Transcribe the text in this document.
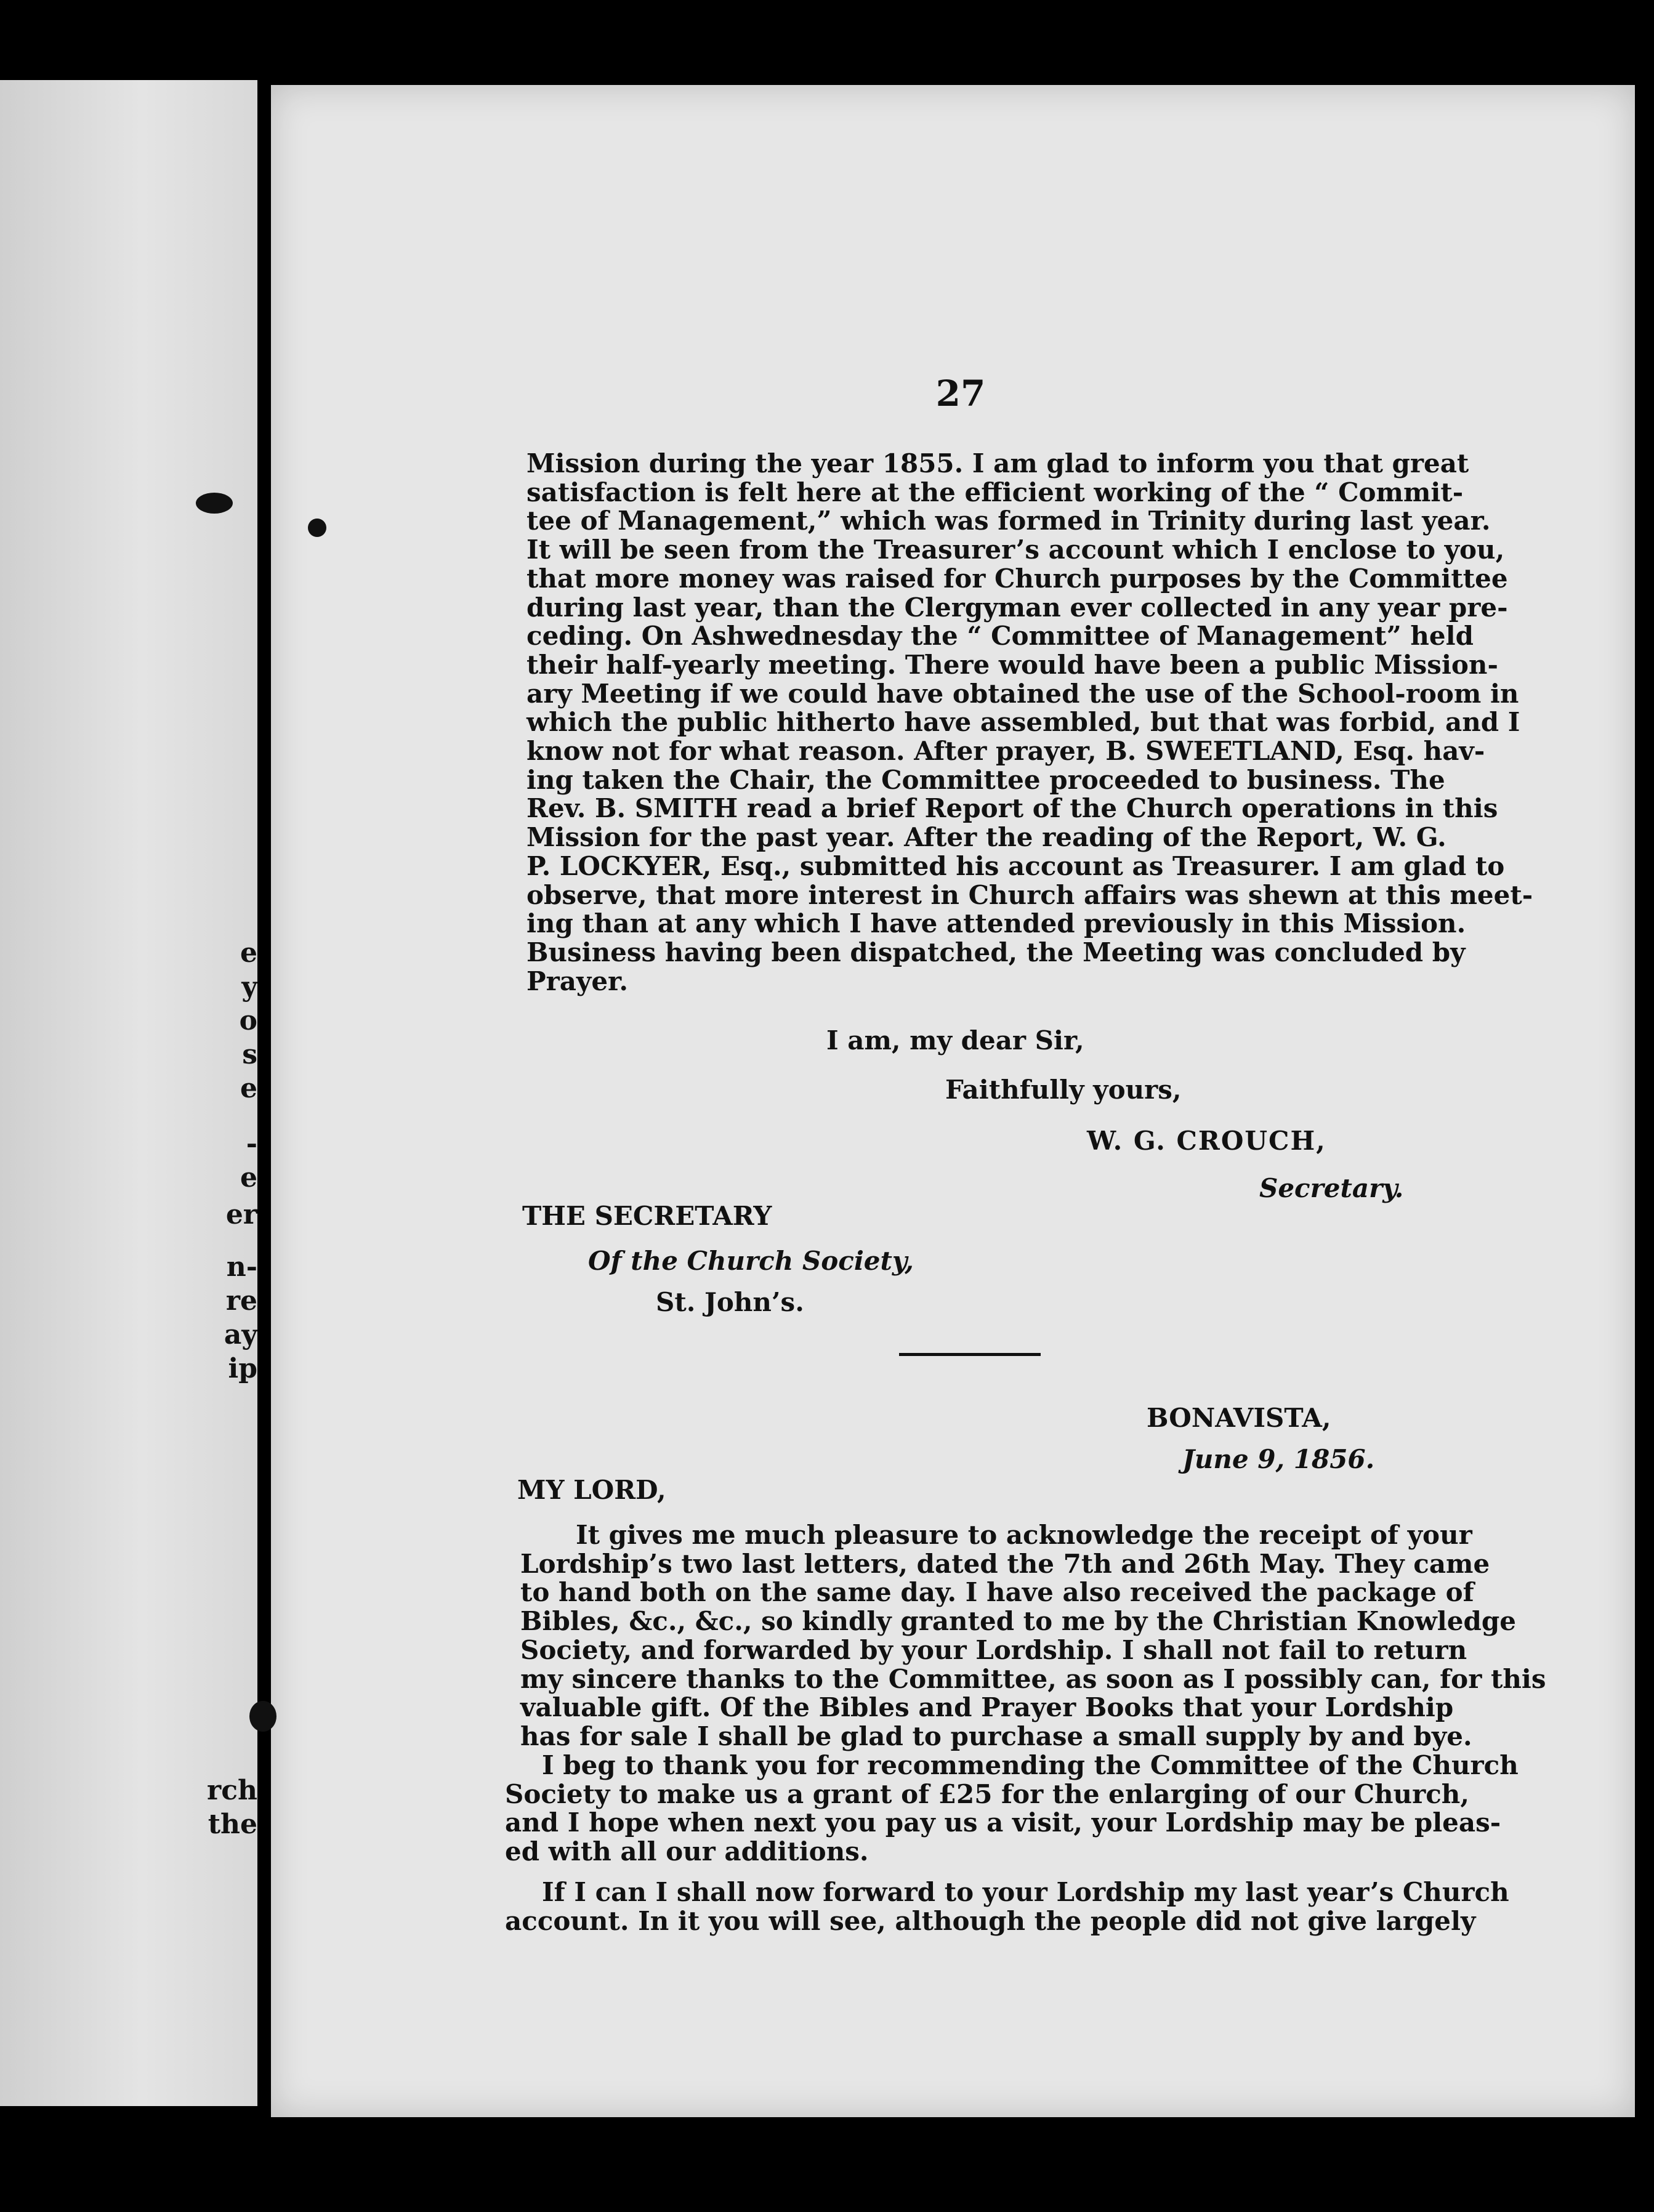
e
y
o
s
e
-
e
er
n-
re
ay
ip
rch
the
27
Mission during the year 1855. I am glad to inform you that great
satisfaction is felt here at the efficient working of the “ Commit-
tee of Management,” which was formed in Trinity during last year.
It will be seen from the Treasurer’s account which I enclose to you,
that more money was raised for Church purposes by the Committee
during last year, than the Clergyman ever collected in any year pre-
ceding. On Ashwednesday the “ Committee of Management” held
their half-yearly meeting. There would have been a public Mission-
ary Meeting if we could have obtained the use of the School-room in
which the public hitherto have assembled, but that was forbid, and I
know not for what reason. After prayer, B. SWEETLAND, Esq. hav-
ing taken the Chair, the Committee proceeded to business. The
Rev. B. SMITH read a brief Report of the Church operations in this
Mission for the past year. After the reading of the Report, W. G.
P. LOCKYER, Esq., submitted his account as Treasurer. I am glad to
observe, that more interest in Church affairs was shewn at this meet-
ing than at any which I have attended previously in this Mission.
Business having been dispatched, the Meeting was concluded by
Prayer.
I am, my dear Sir,
Faithfully yours,
W. G. CROUCH,
Secretary.
THE SECRETARY
Of the Church Society,
St. John’s.
BONAVISTA,
June 9, 1856.
MY LORD,
It gives me much pleasure to acknowledge the receipt of your
Lordship’s two last letters, dated the 7th and 26th May. They came
to hand both on the same day. I have also received the package of
Bibles, &c., &c., so kindly granted to me by the Christian Knowledge
Society, and forwarded by your Lordship. I shall not fail to return
my sincere thanks to the Committee, as soon as I possibly can, for this
valuable gift. Of the Bibles and Prayer Books that your Lordship
has for sale I shall be glad to purchase a small supply by and bye.
I beg to thank you for recommending the Committee of the Church
Society to make us a grant of £25 for the enlarging of our Church,
and I hope when next you pay us a visit, your Lordship may be pleas-
ed with all our additions.
If I can I shall now forward to your Lordship my last year’s Church
account. In it you will see, although the people did not give largely
